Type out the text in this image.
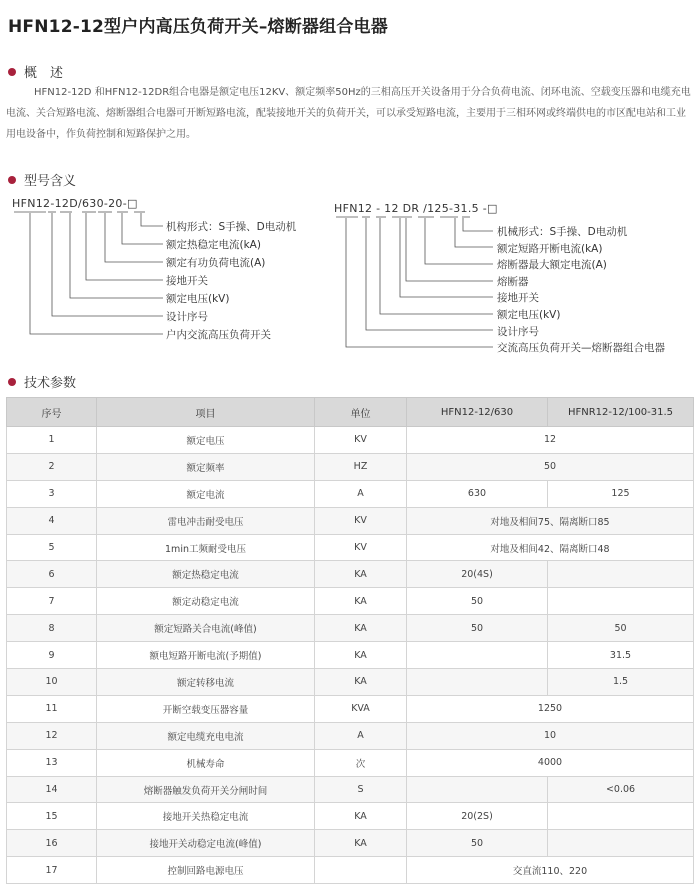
HFN12-12型户内高压负荷开关–熔断器组合电器
概　述

HFN12-12D 和HFN12-12DR组合电器是额定电压12KV、额定频率50Hz的三相高压开关设备用于分合负荷电流、闭环电流、空载变压器和电缆充电电流、关合短路电流、熔断器组合电器可开断短路电流，配装接地开关的负荷开关，可以承受短路电流，主要用于三相环网或终端供电的市区配电站和工业用电设备中，作负荷控制和短路保护之用。

型号含义
HFN12-12D/630-20-□
机构形式：S手操、D电动机
额定热稳定电流(kA)
额定有功负荷电流(A)
接地开关
额定电压(kV)
设计序号
户内交流高压负荷开关
HFN12 - 12 DR /125-31.5 -□
机械形式：S手操、D电动机
额定短路开断电流(kA)
熔断器最大额定电流(A)
熔断器
接地开关
额定电压(kV)
设计序号
交流高压负荷开关—熔断器组合电器
技术参数
序号	项目	单位	HFN12-12/630	HFNR12-12/100-31.5
1	额定电压	KV	12	
2	额定频率	HZ	50	
3	额定电流	A	630	125
4	雷电冲击耐受电压	KV	对地及相间75、隔离断口85	
5	1min工频耐受电压	KV	对地及相间42、隔离断口48	
6	额定热稳定电流	KA	20(4S)	
7	额定动稳定电流	KA	50	
8	额定短路关合电流(峰值)	KA	50	50
9	额电短路开断电流(予期值)	KA		31.5
10	额定转移电流	KA		1.5
11	开断空载变压器容量	KVA	1250	
12	额定电缆充电电流	A	10	
13	机械寿命	次	4000	
14	熔断器触发负荷开关分闸时间	S		<0.06
15	接地开关热稳定电流	KA	20(2S)	
16	接地开关动稳定电流(峰值)	KA	50	
17	控制回路电源电压		交直流110、220	
